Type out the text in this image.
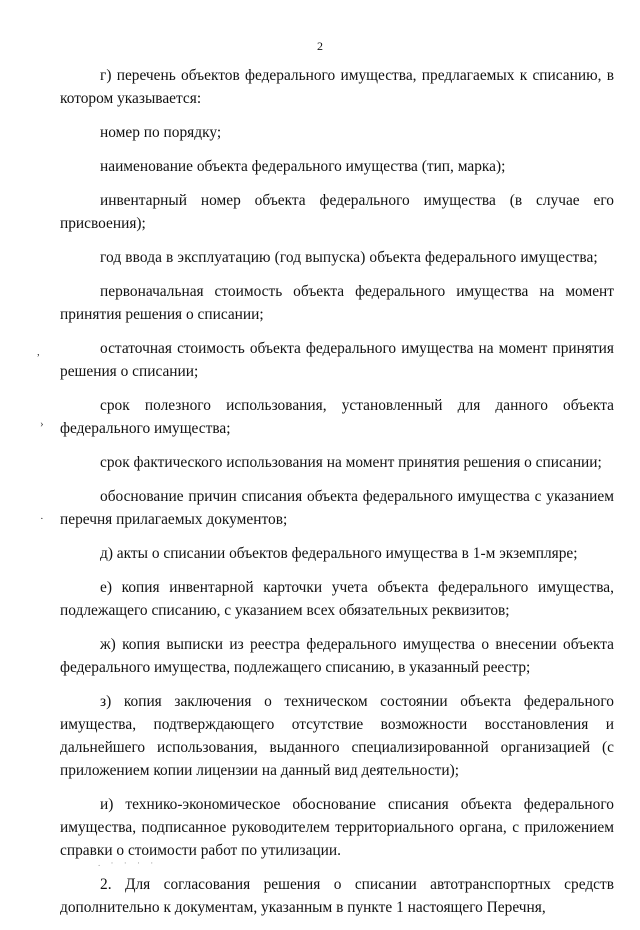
2

г) перечень объектов федерального имущества, предлагаемых к списанию, в котором указывается:

номер по порядку;

наименование объекта федерального имущества (тип, марка);

инвентарный номер объекта федерального имущества (в случае его присвоения);

год ввода в эксплуатацию (год выпуска) объекта федерального имущества;

первоначальная стоимость объекта федерального имущества на момент принятия решения о списании;

остаточная стоимость объекта федерального имущества на момент принятия решения о списании;

срок полезного использования, установленный для данного объекта федерального имущества;

срок фактического использования на момент принятия решения о списании;

обоснование причин списания объекта федерального имущества с указанием перечня прилагаемых документов;

д) акты о списании объектов федерального имущества в 1-м экземпляре;

е) копия инвентарной карточки учета объекта федерального имущества, подлежащего списанию, с указанием всех обязательных реквизитов;

ж) копия выписки из реестра федерального имущества о внесении объекта федерального имущества, подлежащего списанию, в указанный реестр;

з) копия заключения о техническом состоянии объекта федерального имущества, подтверждающего отсутствие возможности восстановления и дальнейшего использования, выданного специализированной организацией (с приложением копии лицензии на данный вид деятельности);

и) технико-экономическое обоснование списания объекта федерального имущества, подписанное руководителем территориального органа, с приложением справки о стоимости работ по утилизации.

2. Для согласования решения о списании автотранспортных средств дополнительно к документам, указанным в пункте 1 настоящего Перечня,

,
›
·
. · · · ·
